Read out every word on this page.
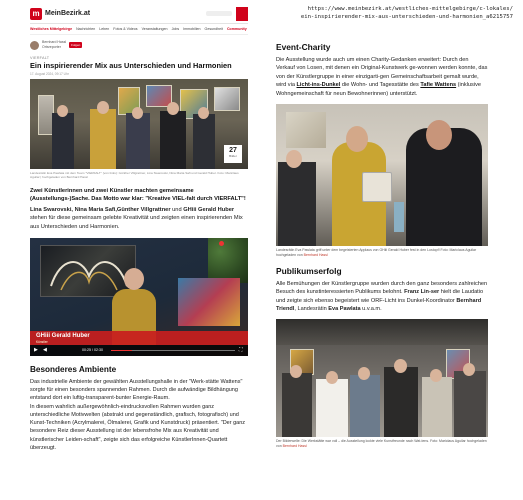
https://www.meinbezirk.at/westliches-mittelgebirge/c-lokales/
ein-inspirierender-mix-aus-unterschieden-und-harmonien_a6215757
m MeinBezirk.at
Westliches Mittelgebirge Nachrichten Leben Fotos & Videos Veranstaltungen Jobs Immobilien Gesundheit Community
Bernhard Hassl
Ortsreporter	Folgen
VIERFALT
Ein inspirierender Mix aus Unterschieden und Harmonien
17. August 2024, 09:17 Uhr
27
Bilder
Landesrätin Eva Pawlata mit dem Team "VIERFALT" (von links): Günther Villgrattner, Lina Swarovski, Nina Maria Safi und Gerald Huber. Foto: Mariclaus Aguilar | hochgeladen von Bernhard Hassl
Zwei Künstlerinnen und zwei Künstler machten gemeinsame (Ausstellungs-)Sache. Das Motto war klar: "Kreative VIEL-falt durch VIERFALT"!
Lina Swarovski, Nina Maria Safi,Günther Villgrattner und GHiii Gerald Huber stehen für diese gemeinsam gelebte Kreativität und zeigten einen inspirierenden Mix aus Unterschieden und Harmonien.
GHiii Gerald Huber
Künstler
▶ ◀	00:25 / 02:30	⛶
Besonderes Ambiente
Das industrielle Ambiente der gewählten Ausstellungshalle in der "Werk-stätte Wattens" sorgte für einen besonders spannenden Rahmen. Durch die aufwändige Bildhängung entstand dort ein luftig-transparent-bunter Energie-Raum.
In diesem wahrlich außergewöhnlich-eindrucksvollen Rahmen wurden ganz unterschiedliche Motivwelten (abstrakt und gegenständlich, grafisch, fotografisch) und Kunst-Techniken (Acrylmalerei, Ölmalerei, Grafik und Kunstdruck) präsentiert. "Der ganz besondere Reiz dieser Ausstellung ist der lebensfrohe Mix aus Kreativität und künstlerischer Leiden-schaft", zeigte sich das erfolgreiche KünstlerInnen-Quartett überzeugt.
Event-Charity
Die Ausstellung wurde auch um einen Charity-Gedanken erweitert: Durch den Verkauf von Losen, mit denen ein Original-Kunstwerk ge-wonnen werden konnte, das von der Künstlergruppe in einer einzigarti-gen Gemeinschaftsarbeit gemalt wurde, wird via Licht-ins-Dunkel die Wohn- und Tagesstätte des Tafie Wattens (inklusive Wohngemeinschaft für neun Bewohnerinnen) unterstützt.
Landesrätin Eva Pawlata griff unter dem begeisterten Applaus von GHiii Gerald Huber fest in den Lostopf! Foto: Mariclaus Aguilar hochgeladen von Bernhard Hassl
Publikumserfolg
Alle Bemühungen der Künstlergruppe wurden durch den ganz besonders zahlreichen Besuch des kunstinteressierten Publikums belohnt. Franz Lin-ser hielt die Laudatio und zeigte sich ebenso begeistert wie ORF-Licht ins Dunkel-Koordinator Bernhard Triendl, Landesrätin Eva Pawlata u.v.a.m.
Der Bilderwelle: Die Werkstätte war voll – die Ausstellung lockte viele Kunstfreunde nach Wat-tens. Foto: Mariclaus Aguilar hochgeladen von Bernhard Hassl
